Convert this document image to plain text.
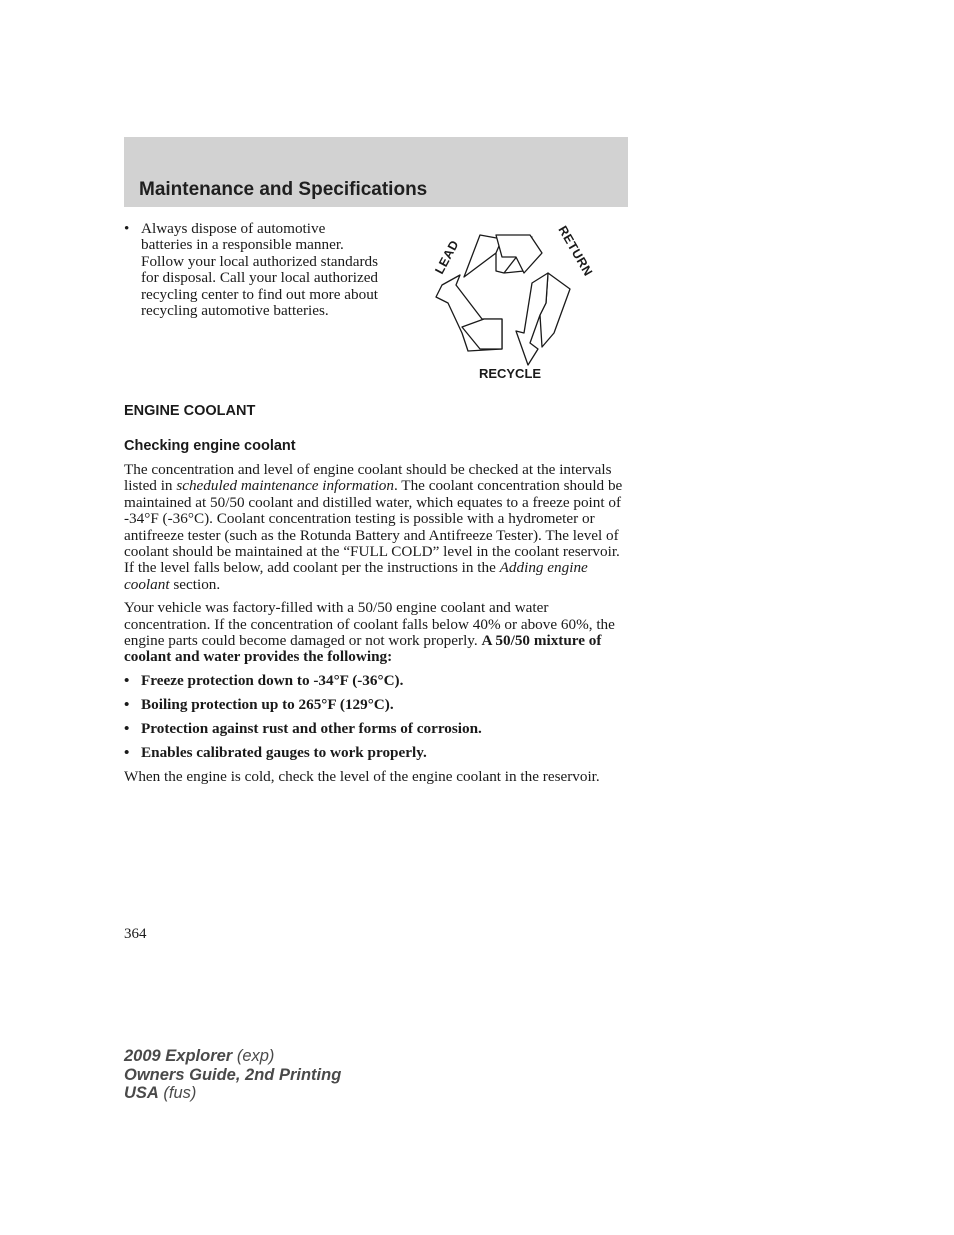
Maintenance and Specifications
• Always dispose of automotive batteries in a responsible manner. Follow your local authorized standards for disposal. Call your local authorized recycling center to find out more about recycling automotive batteries.
LEAD	RETURN
RECYCLE
ENGINE COOLANT
Checking engine coolant

The concentration and level of engine coolant should be checked at the intervals listed in scheduled maintenance information. The coolant concentration should be maintained at 50/50 coolant and distilled water, which equates to a freeze point of -34°F (-36°C). Coolant concentration testing is possible with a hydrometer or antifreeze tester (such as the Rotunda Battery and Antifreeze Tester). The level of coolant should be maintained at the “FULL COLD” level in the coolant reservoir. If the level falls below, add coolant per the instructions in the Adding engine coolant section.

Your vehicle was factory-filled with a 50/50 engine coolant and water concentration. If the concentration of coolant falls below 40% or above 60%, the engine parts could become damaged or not work properly. A 50/50 mixture of coolant and water provides the following:

• Freeze protection down to -34°F (-36°C).
• Boiling protection up to 265°F (129°C).
• Protection against rust and other forms of corrosion.
• Enables calibrated gauges to work properly.

When the engine is cold, check the level of the engine coolant in the reservoir.

364
2009 Explorer (exp)
Owners Guide, 2nd Printing
USA (fus)
